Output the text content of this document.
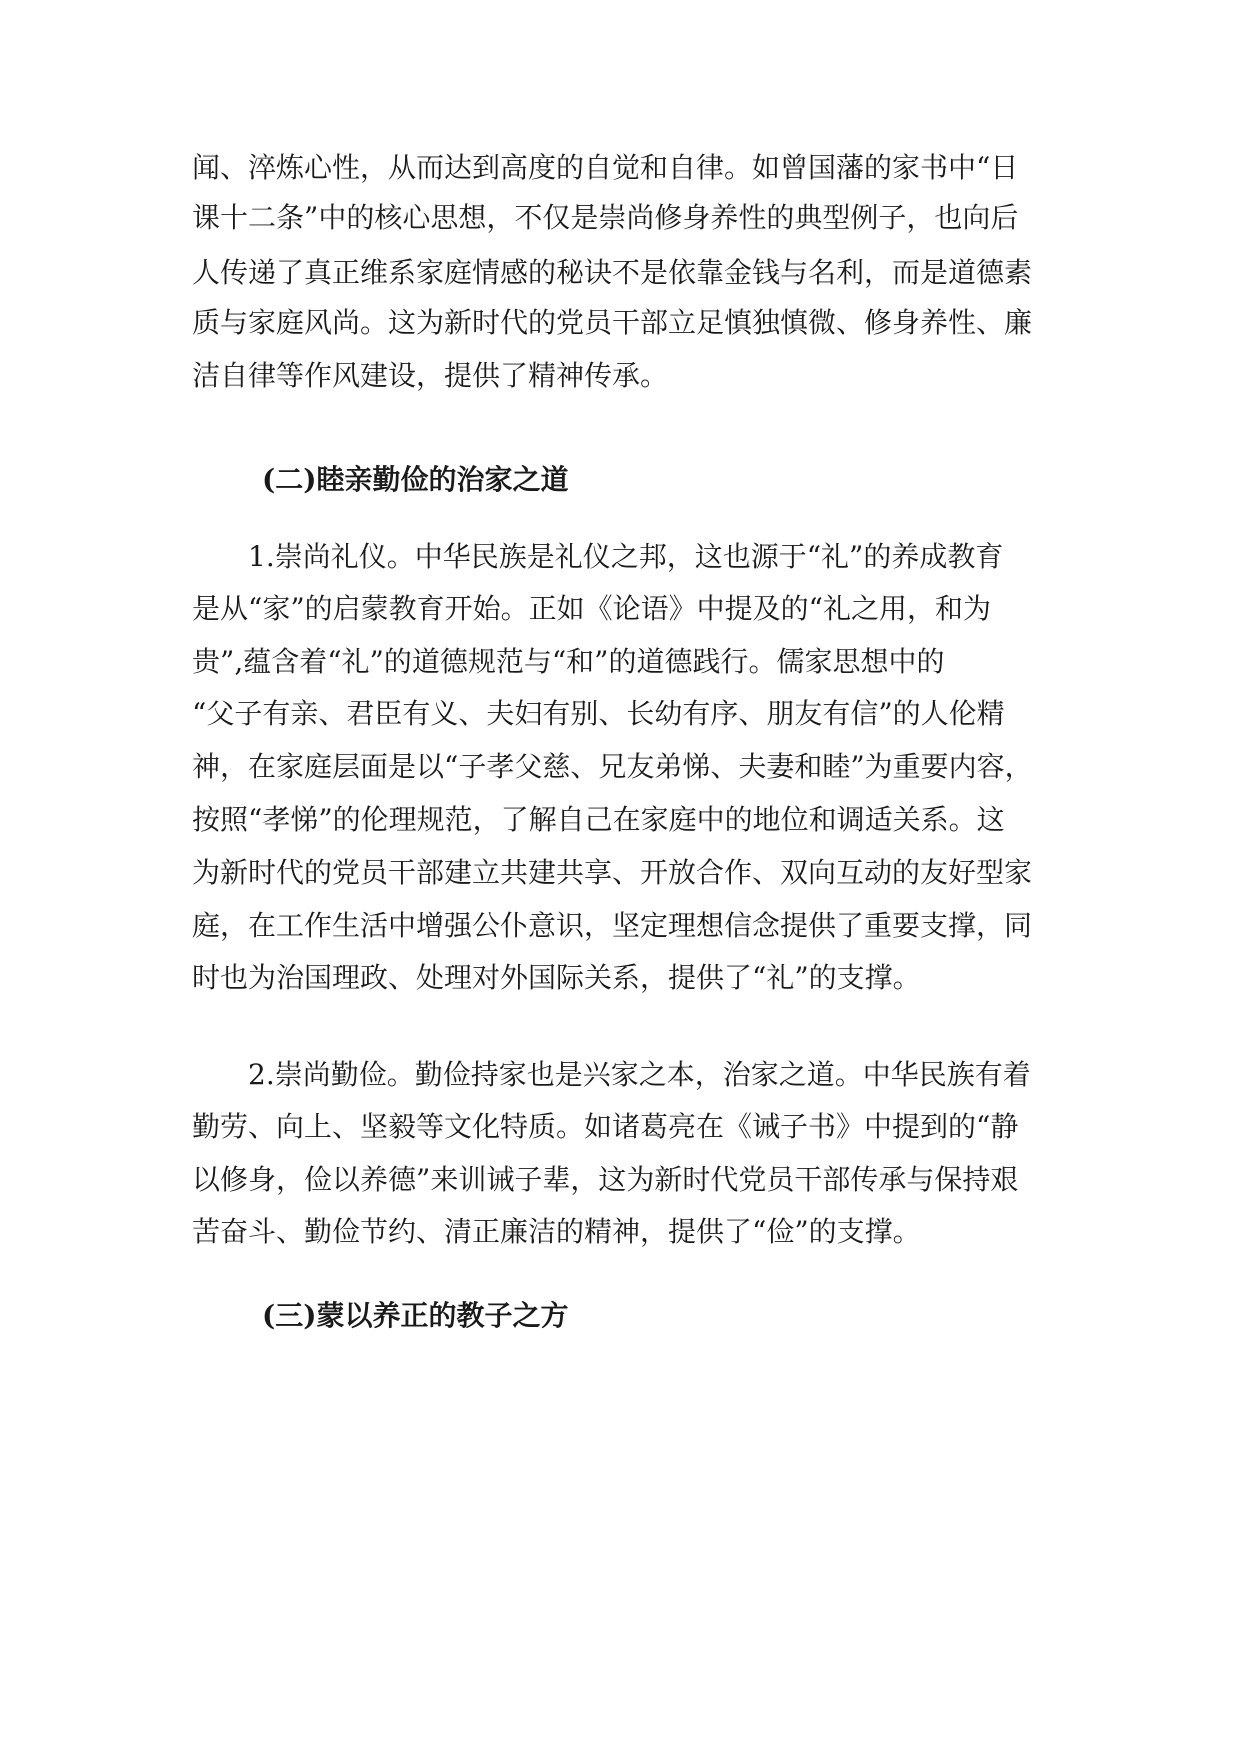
闻、淬炼心性，从而达到高度的自觉和自律。如曾国藩的家书中“日
课十二条”中的核心思想，不仅是崇尚修身养性的典型例子，也向后
人传递了真正维系家庭情感的秘诀不是依靠金钱与名利，而是道德素
质与家庭风尚。这为新时代的党员干部立足慎独慎微、修身养性、廉
洁自律等作风建设，提供了精神传承。
(二)睦亲勤俭的治家之道
1.崇尚礼仪。中华民族是礼仪之邦，这也源于“礼”的养成教育
是从“家”的启蒙教育开始。正如《论语》中提及的“礼之用，和为
贵”,蕴含着“礼”的道德规范与“和”的道德践行。儒家思想中的
“父子有亲、君臣有义、夫妇有别、长幼有序、朋友有信”的人伦精
神，在家庭层面是以“子孝父慈、兄友弟悌、夫妻和睦”为重要内容，
按照“孝悌”的伦理规范，了解自己在家庭中的地位和调适关系。这
为新时代的党员干部建立共建共享、开放合作、双向互动的友好型家
庭，在工作生活中增强公仆意识，坚定理想信念提供了重要支撑，同
时也为治国理政、处理对外国际关系，提供了“礼”的支撑。
2.崇尚勤俭。勤俭持家也是兴家之本，治家之道。中华民族有着
勤劳、向上、坚毅等文化特质。如诸葛亮在《诫子书》中提到的“静
以修身，俭以养德”来训诫子辈，这为新时代党员干部传承与保持艰
苦奋斗、勤俭节约、清正廉洁的精神，提供了“俭”的支撑。
(三)蒙以养正的教子之方
